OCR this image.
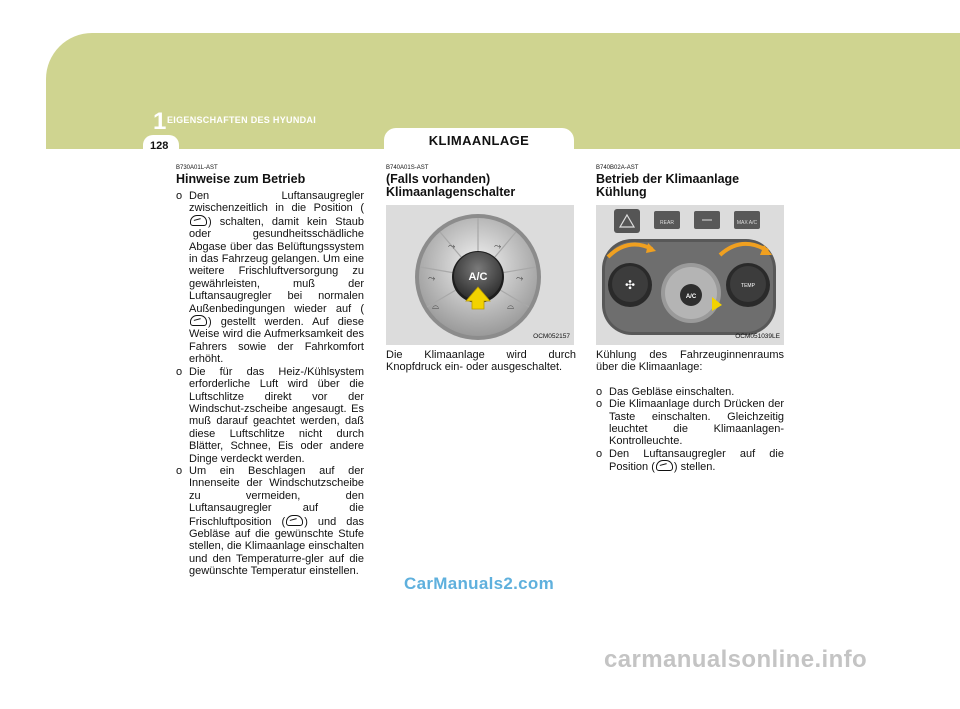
1 EIGENSCHAFTEN DES HYUNDAI
128	KLIMAANLAGE
B730A01L-AST
Hinweise zum Betrieb
o Den Luftansaugregler zwischenzeitlich in die Position () schalten, damit kein Staub oder gesundheitsschädliche Abgase über das Belüftungssystem in das Fahrzeug gelangen. Um eine weitere Frischluftversorgung zu gewährleisten, muß der Luftansaugregler bei normalen Außenbedingungen wieder auf () gestellt werden. Auf diese Weise wird die Aufmerksamkeit des Fahrers sowie der Fahrkomfort erhöht.
o Die für das Heiz-/Kühlsystem erforderliche Luft wird über die Luftschlitze direkt vor der Windschut-zscheibe angesaugt. Es muß darauf geachtet werden, daß diese Luftschlitze nicht durch Blätter, Schnee, Eis oder andere Dinge verdeckt werden.
o Um ein Beschlagen auf der Innenseite der Windschutzscheibe zu vermeiden, den Luftansaugregler auf die Frischluftposition ( ) und das Gebläse auf die gewünschte Stufe stellen, die Klimaanlage einschalten und den Temperaturre-gler auf die gewünschte Temperatur einstellen.
B740A01S-AST
(Falls vorhanden)
Klimaanlagenschalter
⤳	⤳
⤳	⤳
⌓	⌓
A/C
OCM052157
Die Klimaanlage wird durch Knopfdruck ein- oder ausgeschaltet.
B740B02A-AST
Betrieb der Klimaanlage
Kühlung
REAR	MAX A/C
✣
A/C
TEMP
OCM051039LE
Kühlung des Fahrzeuginnenraums über die Klimaanlage:
o Das Gebläse einschalten.
o Die Klimaanlage durch Drücken der Taste einschalten. Gleichzeitig leuchtet die Klimaanlagen-Kontrolleuchte.
o Den Luftansaugregler auf die Position ( ) stellen.
CarManuals2.com
carmanualsonline.info
